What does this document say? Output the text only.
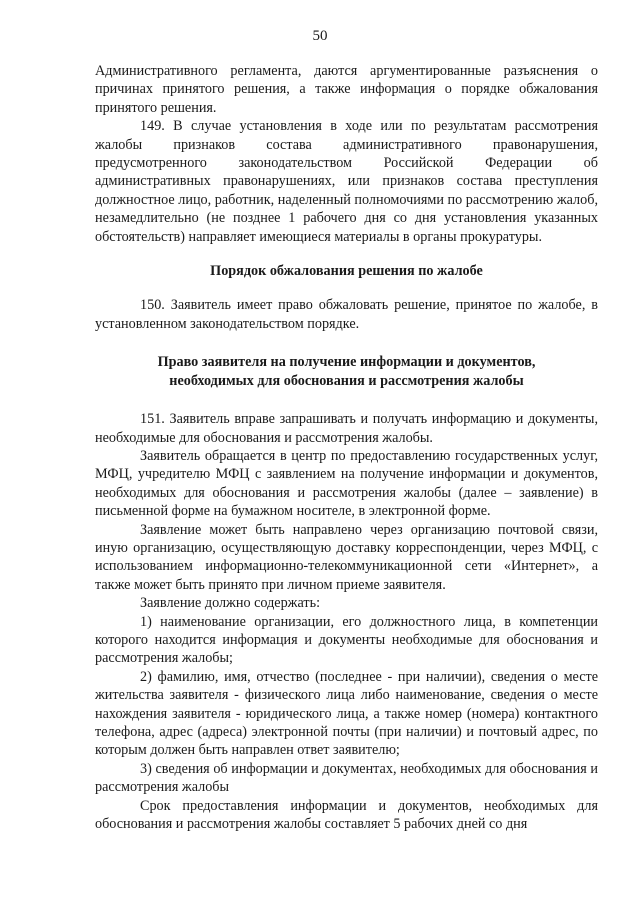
50

Административного регламента, даются аргументированные разъяснения о причинах принятого решения, а также информация о порядке обжалования принятого решения.

149. В случае установления в ходе или по результатам рассмотрения жалобы признаков состава административного правонарушения, предусмотренного законодательством Российской Федерации об административных правонарушениях, или признаков состава преступления должностное лицо, работник, наделенный полномочиями по рассмотрению жалоб, незамедлительно (не позднее 1 рабочего дня со дня установления указанных обстоятельств) направляет имеющиеся материалы в органы прокуратуры.

Порядок обжалования решения по жалобе

150. Заявитель имеет право обжаловать решение, принятое по жалобе, в установленном законодательством порядке.

Право заявителя на получение информации и документов,

необходимых для обоснования и рассмотрения жалобы

151. Заявитель вправе запрашивать и получать информацию и документы, необходимые для обоснования и рассмотрения жалобы.

Заявитель обращается в центр по предоставлению государственных услуг, МФЦ, учредителю МФЦ с заявлением на получение информации и документов, необходимых для обоснования и рассмотрения жалобы (далее – заявление) в письменной форме на бумажном носителе, в электронной форме.

Заявление может быть направлено через организацию почтовой связи, иную организацию, осуществляющую доставку корреспонденции, через МФЦ, с использованием информационно-телекоммуникационной сети «Интернет», а также может быть принято при личном приеме заявителя.

Заявление должно содержать:

1) наименование организации, его должностного лица, в компетенции которого находится информация и документы необходимые для обоснования и рассмотрения жалобы;

2) фамилию, имя, отчество (последнее - при наличии), сведения о месте жительства заявителя - физического лица либо наименование, сведения о месте нахождения заявителя - юридического лица, а также номер (номера) контактного телефона, адрес (адреса) электронной почты (при наличии) и почтовый адрес, по которым должен быть направлен ответ заявителю;

3) сведения об информации и документах, необходимых для обоснования и рассмотрения жалобы

Срок предоставления информации и документов, необходимых для обоснования и рассмотрения жалобы составляет 5 рабочих дней со дня
